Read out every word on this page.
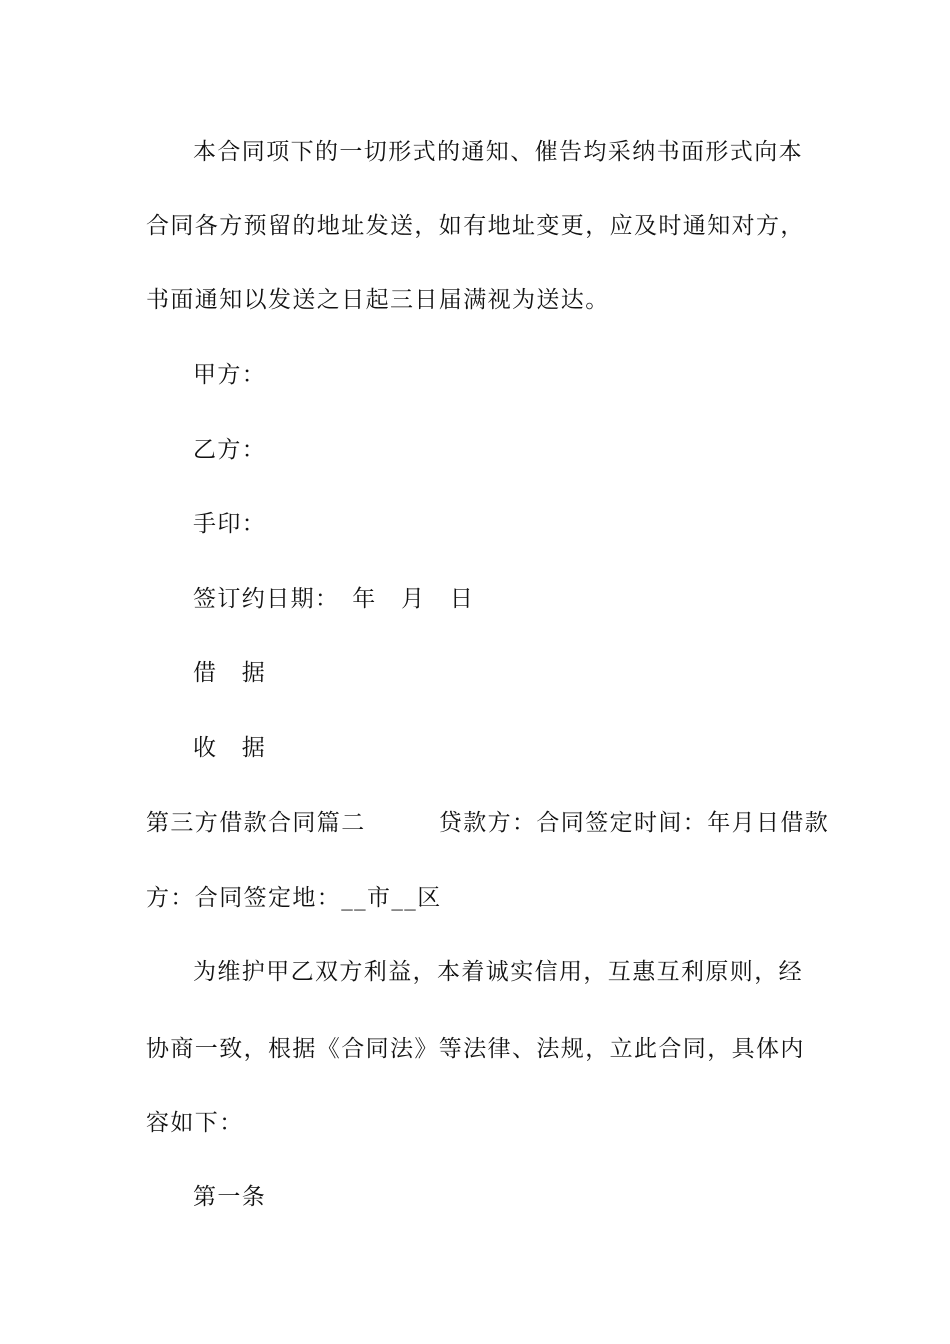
本合同项下的一切形式的通知、催告均采纳书面形式向本
合同各方预留的地址发送，如有地址变更，应及时通知对方，
书面通知以发送之日起三日届满视为送达。
甲方：
乙方：
手印：
签订约日期：　年　月　日
借　据
收　据
第三方借款合同篇二　　　贷款方：合同签定时间：年月日借款
方：合同签定地：__市__区
为维护甲乙双方利益，本着诚实信用，互惠互利原则，经
协商一致，根据《合同法》等法律、法规，立此合同，具体内
容如下：
第一条
